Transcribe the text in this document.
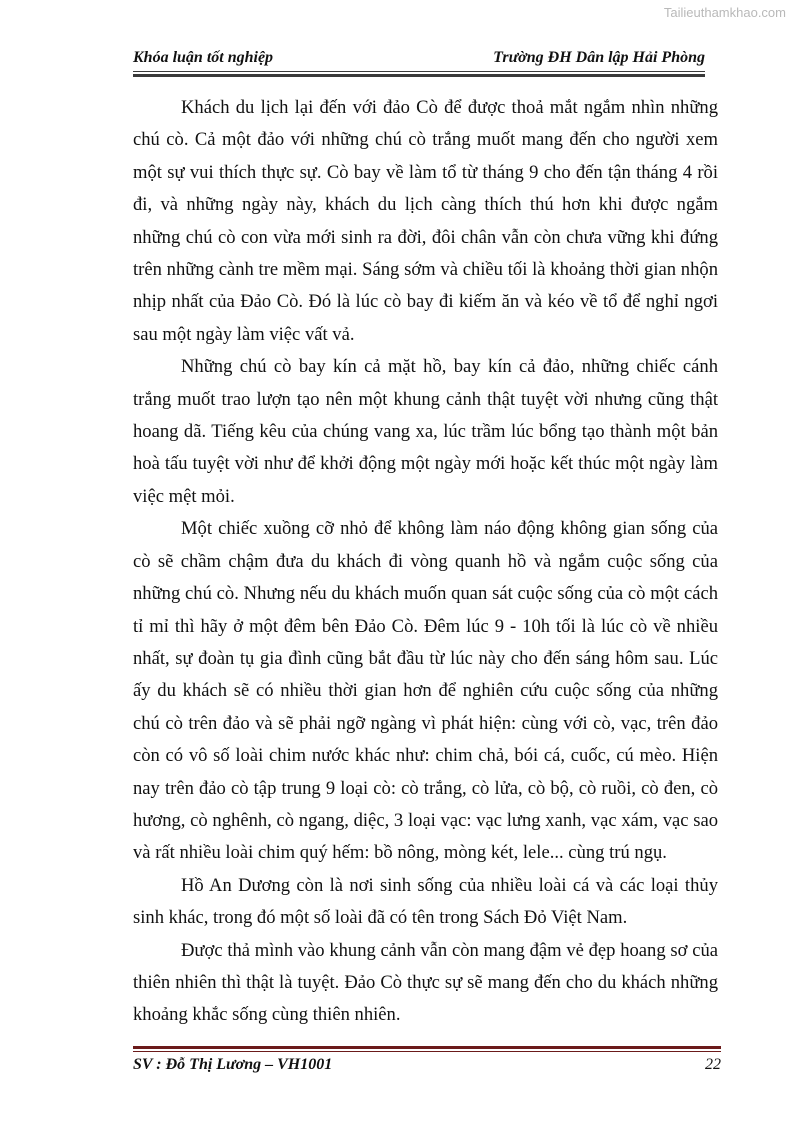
Tailieuthamkhao.com
Khóa luận tốt nghiệp	Trường ĐH Dân lập Hải Phòng

Khách du lịch lại đến với đảo Cò để được thoả mắt ngắm nhìn những chú cò. Cả một đảo với những chú cò trắng muốt mang đến cho người xem một sự vui thích thực sự. Cò bay về làm tổ từ tháng 9 cho đến tận tháng 4 rồi đi, và những ngày này, khách du lịch càng thích thú hơn khi được ngắm những chú cò con vừa mới sinh ra đời, đôi chân vẫn còn chưa vững khi đứng trên những cành tre mềm mại. Sáng sớm và chiều tối là khoảng thời gian nhộn nhịp nhất của Đảo Cò. Đó là lúc cò bay đi kiếm ăn và kéo về tổ để nghỉ ngơi sau một ngày làm việc vất vả.

Những chú cò bay kín cả mặt hồ, bay kín cả đảo, những chiếc cánh trắng muốt trao lượn tạo nên một khung cảnh thật tuyệt vời nhưng cũng thật hoang dã. Tiếng kêu của chúng vang xa, lúc trầm lúc bổng tạo thành một bản hoà tấu tuyệt vời như để khởi động một ngày mới hoặc kết thúc một ngày làm việc mệt mỏi.

Một chiếc xuồng cỡ nhỏ để không làm náo động không gian sống của cò sẽ chầm chậm đưa du khách đi vòng quanh hồ và ngắm cuộc sống của những chú cò. Nhưng nếu du khách muốn quan sát cuộc sống của cò một cách tỉ mỉ thì hãy ở một đêm bên Đảo Cò. Đêm lúc 9 - 10h tối là lúc cò về nhiều nhất, sự đoàn tụ gia đình cũng bắt đầu từ lúc này cho đến sáng hôm sau. Lúc ấy du khách sẽ có nhiều thời gian hơn để nghiên cứu cuộc sống của những chú cò trên đảo và sẽ phải ngỡ ngàng vì phát hiện: cùng với cò, vạc, trên đảo còn có vô số loài chim nước khác như: chim chả, bói cá, cuốc, cú mèo. Hiện nay trên đảo cò tập trung 9 loại cò: cò trắng, cò lửa, cò bộ, cò ruồi, cò đen, cò hương, cò nghênh, cò ngang, diệc, 3 loại vạc: vạc lưng xanh, vạc xám, vạc sao và rất nhiều loài chim quý hếm: bồ nông, mòng két, lele... cùng trú ngụ.

Hồ An Dương còn là nơi sinh sống của nhiều loài cá và các loại thủy sinh khác, trong đó một số loài đã có tên trong Sách Đỏ Việt Nam.

Được thả mình vào khung cảnh vẫn còn mang đậm vẻ đẹp hoang sơ của thiên nhiên thì thật là tuyệt. Đảo Cò thực sự sẽ mang đến cho du khách những khoảng khắc sống cùng thiên nhiên.

SV : Đỗ Thị Lương – VH1001	22
